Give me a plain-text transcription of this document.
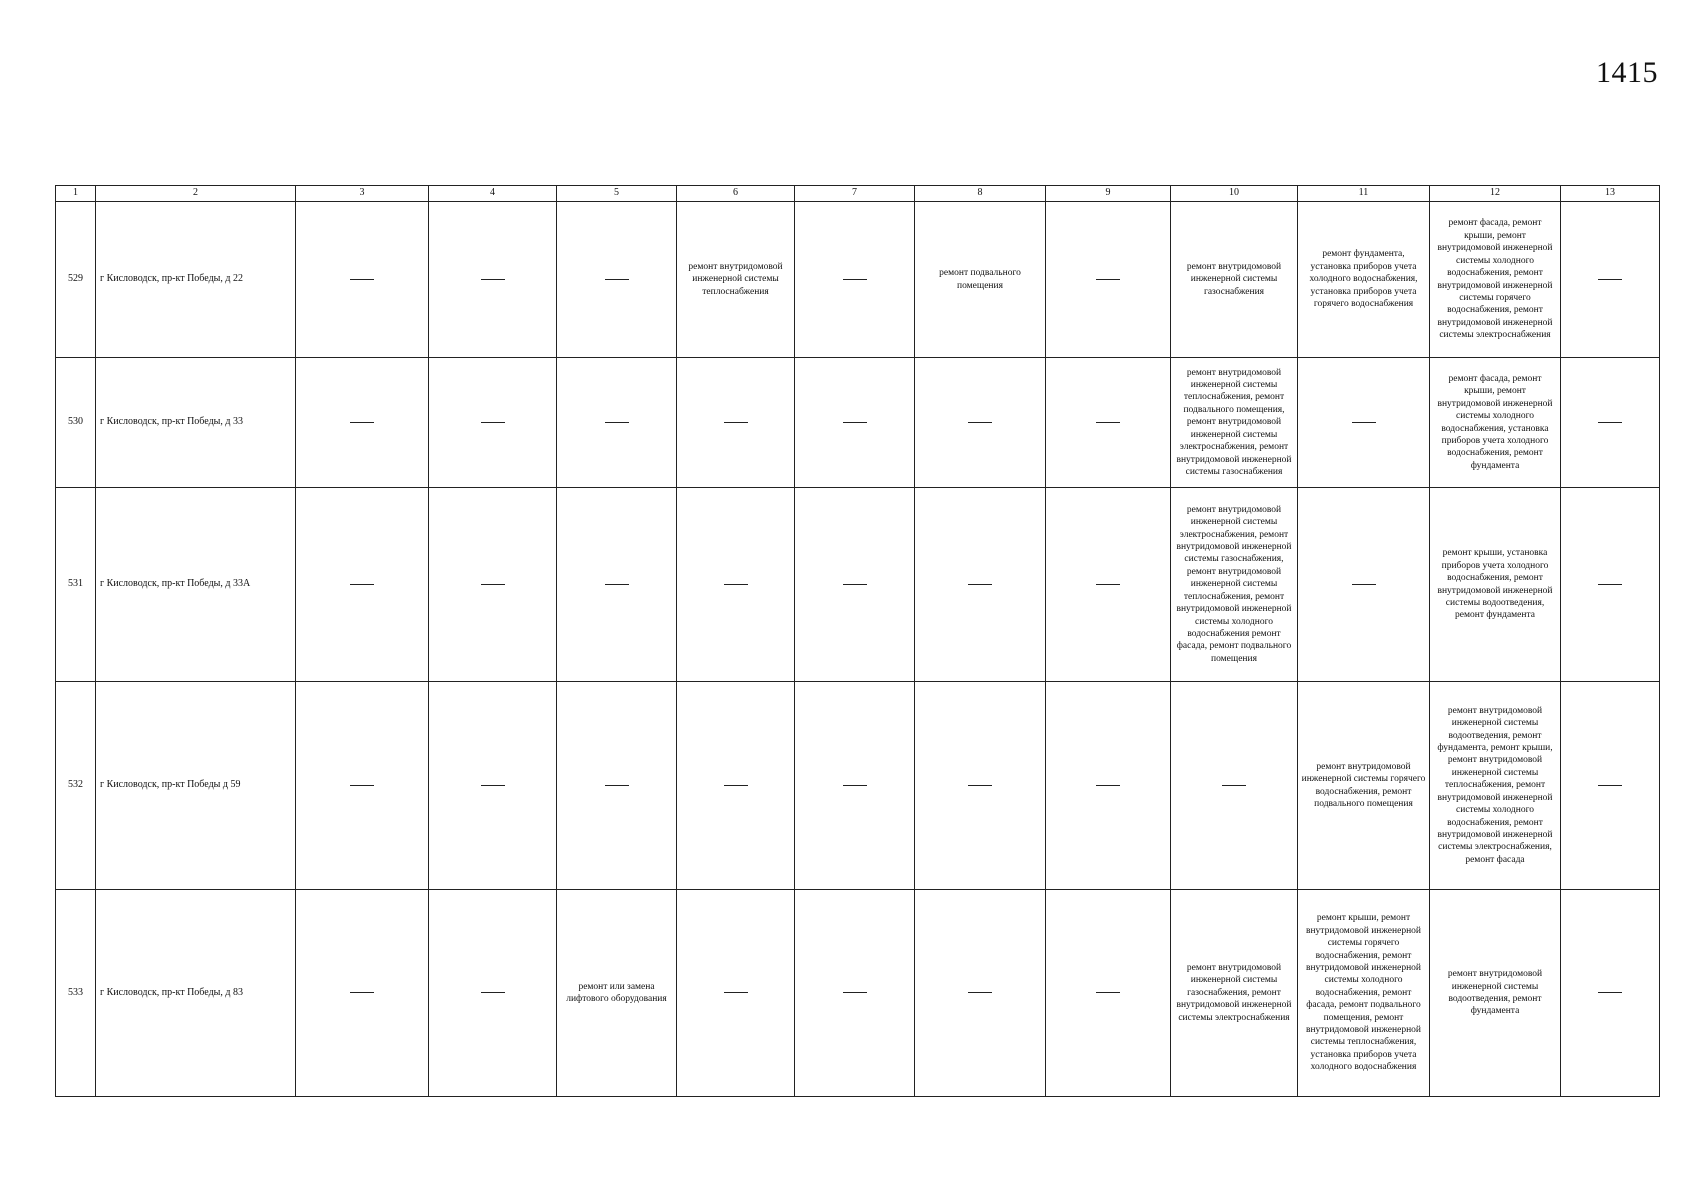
1415
1	2	3	4	5	6	7	8	9	10	11	12	13
529	г Кисловодск, пр-кт Победы, д 22				ремонт внутридомовой инженерной системы теплоснабжения		ремонт подвального помещения		ремонт внутридомовой инженерной системы газоснабжения	ремонт фундамента, установка приборов учета холодного водоснабжения, установка приборов учета горячего водоснабжения	ремонт фасада, ремонт крыши, ремонт внутридомовой инженерной системы холодного водоснабжения, ремонт внутридомовой инженерной системы горячего водоснабжения, ремонт внутридомовой инженерной системы электроснабжения	
530	г Кисловодск, пр-кт Победы, д 33								ремонт внутридомовой инженерной системы теплоснабжения, ремонт подвального помещения, ремонт внутридомовой инженерной системы электроснабжения, ремонт внутридомовой инженерной системы газоснабжения		ремонт фасада, ремонт крыши, ремонт внутридомовой инженерной системы холодного водоснабжения, установка приборов учета холодного водоснабжения, ремонт фундамента	
531	г Кисловодск, пр-кт Победы, д 33А								ремонт внутридомовой инженерной системы электроснабжения, ремонт внутридомовой инженерной системы газоснабжения, ремонт внутридомовой инженерной системы теплоснабжения, ремонт внутридомовой инженерной системы холодного водоснабжения ремонт фасада, ремонт подвального помещения		ремонт крыши, установка приборов учета холодного водоснабжения, ремонт внутридомовой инженерной системы водоотведения, ремонт фундамента	
532	г Кисловодск, пр-кт Победы д 59									ремонт внутридомовой инженерной системы горячего водоснабжения, ремонт подвального помещения	ремонт внутридомовой инженерной системы водоотведения, ремонт фундамента, ремонт крыши, ремонт внутридомовой инженерной системы теплоснабжения, ремонт внутридомовой инженерной системы холодного водоснабжения, ремонт внутридомовой инженерной системы электроснабжения, ремонт фасада	
533	г Кисловодск, пр-кт Победы, д 83			ремонт или замена лифтового оборудования					ремонт внутридомовой инженерной системы газоснабжения, ремонт внутридомовой инженерной системы электроснабжения	ремонт крыши, ремонт внутридомовой инженерной системы горячего водоснабжения, ремонт внутридомовой инженерной системы холодного водоснабжения, ремонт фасада, ремонт подвального помещения, ремонт внутридомовой инженерной системы теплоснабжения, установка приборов учета холодного водоснабжения	ремонт внутридомовой инженерной системы водоотведения, ремонт фундамента	
